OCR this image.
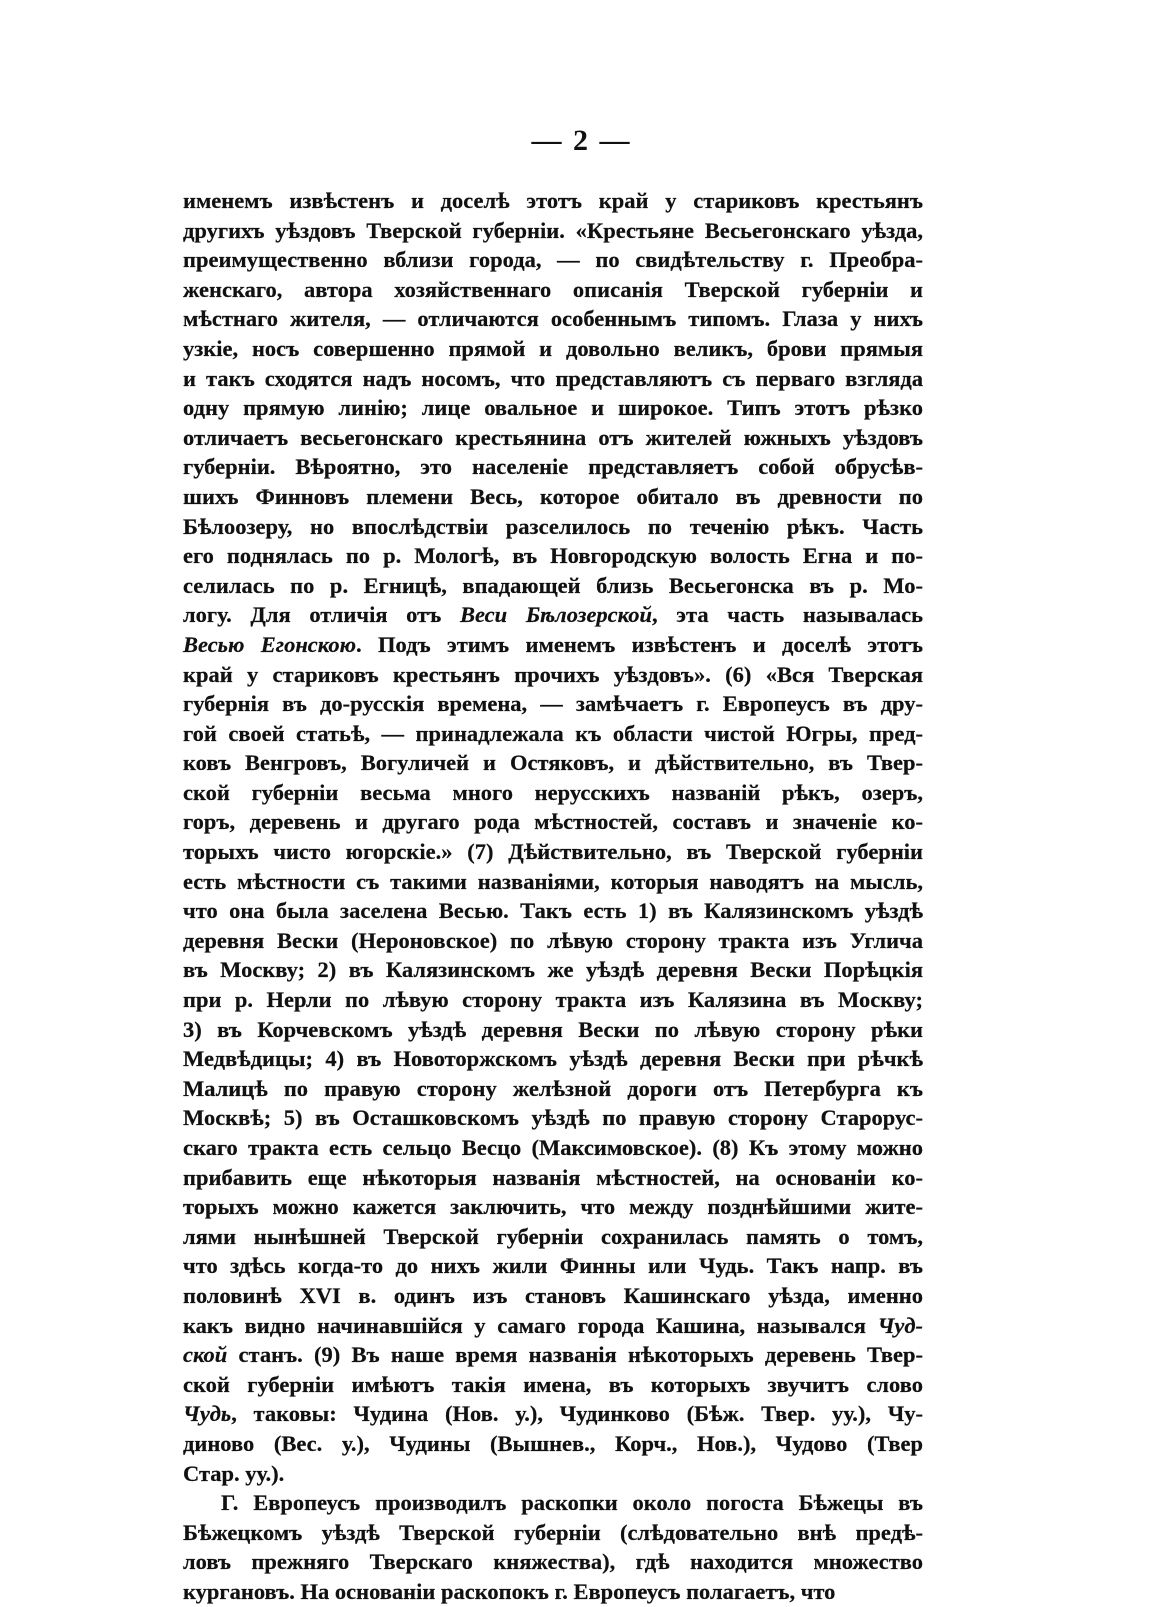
— 2 —
именемъ извѣстенъ и доселѣ этотъ край у стариковъ крестьянъ
другихъ уѣздовъ Тверской губерніи. «Крестьяне Весьегонскаго уѣзда,
преимущественно вблизи города, — по свидѣтельству г. Преобра-
женскаго, автора хозяйственнаго описанія Тверской губерніи и
мѣстнаго жителя, — отличаются особеннымъ типомъ. Глаза у нихъ
узкіе, носъ совершенно прямой и довольно великъ, брови прямыя
и такъ сходятся надъ носомъ, что представляютъ съ перваго взгляда
одну прямую линію; лице овальное и широкое. Типъ этотъ рѣзко
отличаетъ весьегонскаго крестьянина отъ жителей южныхъ уѣздовъ
губерніи. Вѣроятно, это населеніе представляетъ собой обрусѣв-
шихъ Финновъ племени Весь, которое обитало въ древности по
Бѣлоозеру, но впослѣдствіи разселилось по теченію рѣкъ. Часть
его поднялась по р. Мологѣ, въ Новгородскую волость Егна и по-
селилась по р. Егницѣ, впадающей близь Весьегонска въ р. Мо-
логу. Для отличія отъ Веси Бѣлозерской, эта часть называлась
Весью Егонскою. Подъ этимъ именемъ извѣстенъ и доселѣ этотъ
край у стариковъ крестьянъ прочихъ уѣздовъ». (6) «Вся Тверская
губернія въ до-русскія времена, — замѣчаетъ г. Европеусъ въ дру-
гой своей статьѣ, — принадлежала къ области чистой Югры, пред-
ковъ Венгровъ, Вогуличей и Остяковъ, и дѣйствительно, въ Твер-
ской губерніи весьма много нерусскихъ названій рѣкъ, озеръ,
горъ, деревень и другаго рода мѣстностей, составъ и значеніе ко-
торыхъ чисто югорскіе.» (7) Дѣйствительно, въ Тверской губерніи
есть мѣстности съ такими названіями, которыя наводятъ на мысль,
что она была заселена Весью. Такъ есть 1) въ Калязинскомъ уѣздѣ
деревня Вески (Нероновское) по лѣвую сторону тракта изъ Углича
въ Москву; 2) въ Калязинскомъ же уѣздѣ деревня Вески Порѣцкія
при р. Нерли по лѣвую сторону тракта изъ Калязина въ Москву;
3) въ Корчевскомъ уѣздѣ деревня Вески по лѣвую сторону рѣки
Медвѣдицы; 4) въ Новоторжскомъ уѣздѣ деревня Вески при рѣчкѣ
Малицѣ по правую сторону желѣзной дороги отъ Петербурга къ
Москвѣ; 5) въ Осташковскомъ уѣздѣ по правую сторону Старорус-
скаго тракта есть сельцо Весцо (Максимовское). (8) Къ этому можно
прибавить еще нѣкоторыя названія мѣстностей, на основаніи ко-
торыхъ можно кажется заключить, что между позднѣйшими жите-
лями нынѣшней Тверской губерніи сохранилась память о томъ,
что здѣсь когда-то до нихъ жили Финны или Чудь. Такъ напр. въ
половинѣ XVI в. одинъ изъ становъ Кашинскаго уѣзда, именно
какъ видно начинавшійся у самаго города Кашина, назывался Чуд-
ской станъ. (9) Въ наше время названія нѣкоторыхъ деревень Твер-
ской губерніи имѣютъ такія имена, въ которыхъ звучитъ слово
Чудь, таковы: Чудина (Нов. у.), Чудинково (Бѣж. Твер. уу.), Чу-
диново (Вес. у.), Чудины (Вышнев., Корч., Нов.), Чудово (Твер
Стар. уу.).
Г. Европеусъ производилъ раскопки около погоста Бѣжецы въ
Бѣжецкомъ уѣздѣ Тверской губерніи (слѣдовательно внѣ предѣ-
ловъ прежняго Тверскаго княжества), гдѣ находится множество
кургановъ. На основаніи раскопокъ г. Европеусъ полагаетъ, что
